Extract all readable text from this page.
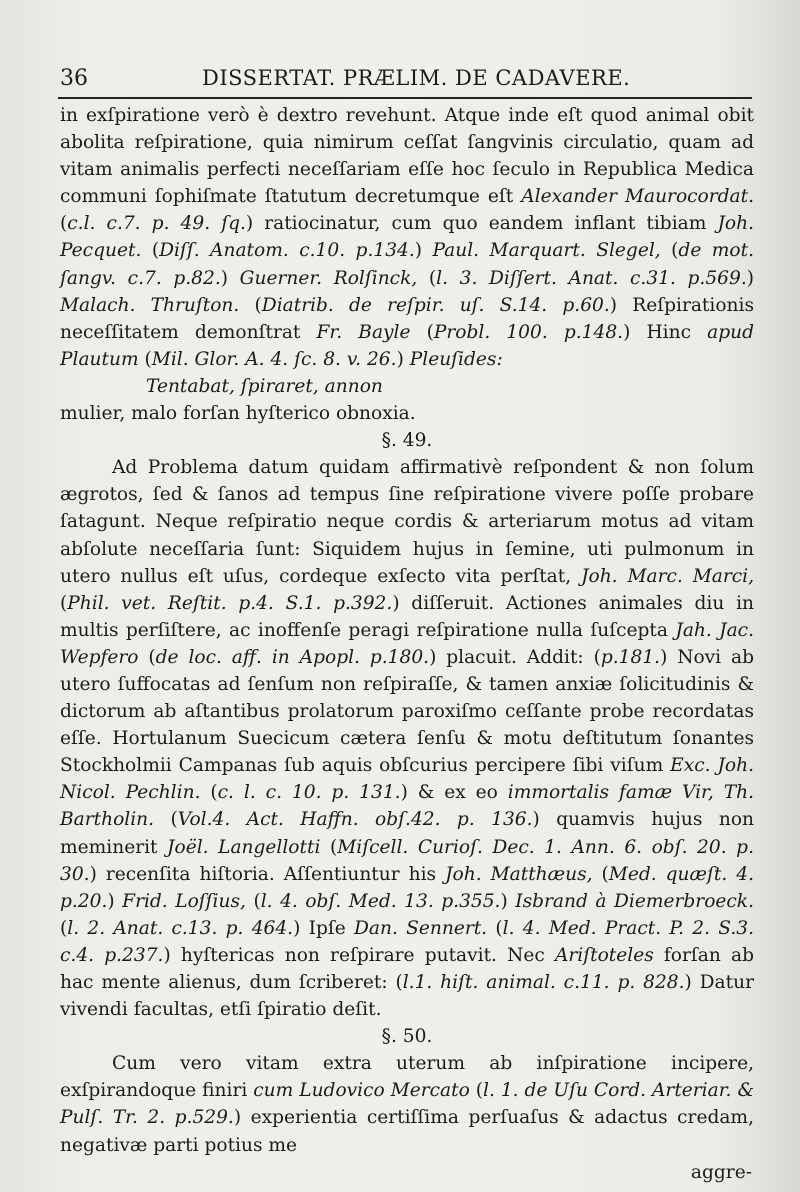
36	DISSERTAT. PRÆLIM. DE CADAVERE.

in exſpiratione verò è dextro revehunt. Atque inde eſt quod animal obit abolita reſpiratione, quia nimirum ceſſat ſangvinis circulatio, quam ad vitam animalis perfecti neceſſariam eſſe hoc ſeculo in Republica Medica communi ſophiſmate ſtatutum decretumque eſt Alexander Maurocordat. (c.l. c.7. p. 49. ſq.) ratiocinatur, cum quo eandem inflant tibiam Joh. Pecquet. (Diſſ. Anatom. c.10. p.134.) Paul. Marquart. Slegel, (de mot. ſangv. c.7. p.82.) Guerner. Rolſinck, (l. 3. Diſſert. Anat. c.31. p.569.) Malach. Thruſton. (Diatrib. de reſpir. uſ. S.14. p.60.) Reſpirationis neceſſitatem demonſtrat Fr. Bayle (Probl. 100. p.148.) Hinc apud Plautum (Mil. Glor. A. 4. ſc. 8. v. 26.) Pleuſides:

Tentabat, ſpiraret, annon

mulier, malo forſan hyſterico obnoxia.

§. 49.

Ad Problema datum quidam affirmativè reſpondent & non ſolum ægrotos, ſed & ſanos ad tempus ſine reſpiratione vivere poſſe probare ſatagunt. Neque reſpiratio neque cordis & arteriarum motus ad vitam abſolute neceſſaria ſunt: Siquidem hujus in ſemine, uti pulmonum in utero nullus eſt uſus, cordeque exſecto vita perſtat, Joh. Marc. Marci, (Phil. vet. Reſtit. p.4. S.1. p.392.) diſſeruit. Actiones animales diu in multis perſiſtere, ac inoffenſe peragi reſpiratione nulla ſuſcepta Jah. Jac. Wepfero (de loc. aff. in Apopl. p.180.) placuit. Addit: (p.181.) Novi ab utero ſuffocatas ad ſenſum non reſpiraſſe, & tamen anxiæ ſolicitudinis & dictorum ab aſtantibus prolatorum paroxiſmo ceſſante probe recordatas eſſe. Hortulanum Suecicum cætera ſenſu & motu deſtitutum ſonantes Stockholmii Campanas ſub aquis obſcurius percipere ſibi viſum Exc. Joh. Nicol. Pechlin. (c. l. c. 10. p. 131.) & ex eo immortalis famæ Vir, Th. Bartholin. (Vol.4. Act. Haffn. obſ.42. p. 136.) quamvis hujus non meminerit Joël. Langellotti (Miſcell. Curioſ. Dec. 1. Ann. 6. obſ. 20. p. 30.) recenſita hiſtoria. Aſſentiuntur his Joh. Matthæus, (Med. quæſt. 4. p.20.) Frid. Loſſius, (l. 4. obſ. Med. 13. p.355.) Isbrand à Diemerbroeck. (l. 2. Anat. c.13. p. 464.) Ipſe Dan. Sennert. (l. 4. Med. Pract. P. 2. S.3. c.4. p.237.) hyſtericas non reſpirare putavit. Nec Ariſtoteles forſan ab hac mente alienus, dum ſcriberet: (l.1. hiſt. animal. c.11. p. 828.) Datur vivendi facultas, etſi ſpiratio deſit.

§. 50.

Cum vero vitam extra uterum ab inſpiratione incipere, exſpirandoque finiri cum Ludovico Mercato (l. 1. de Uſu Cord. Arteriar. & Pulſ. Tr. 2. p.529.) experientia certiſſima perſuaſus & adactus credam, negativæ parti potius me

aggre-
